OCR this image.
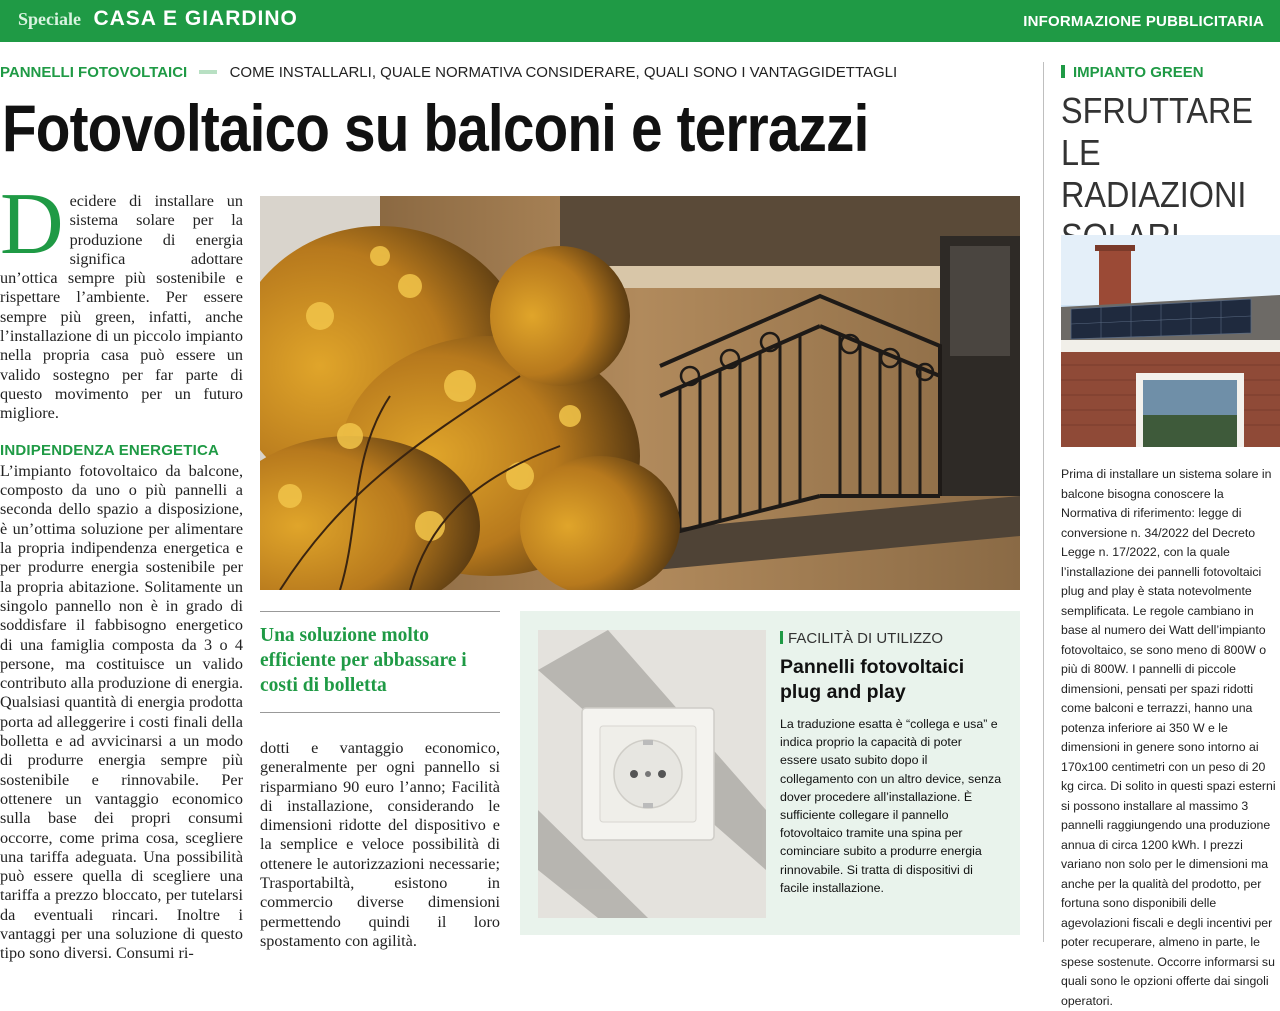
Speciale CASA E GIARDINO	INFORMAZIONE PUBBLICITARIA
PANNELLI FOTOVOLTAICI	COME INSTALLARLI, QUALE NORMATIVA CONSIDERARE, QUALI SONO I VANTAGGIDETTAGLI
Fotovoltaico su balconi e terrazzi

Decidere di installare un sistema solare per la produzione di energia significa adottare un’ottica sempre più sostenibile e rispettare l’ambiente. Per essere sempre più green, infatti, anche l’installazione di un piccolo impianto nella propria casa può essere un valido sostegno per far parte di questo movimento per un futuro migliore.

INDIPENDENZA ENERGETICA

L’impianto fotovoltaico da balcone, composto da uno o più pannelli a seconda dello spazio a disposizione, è un’ottima soluzione per alimentare la propria indipendenza energetica e per produrre energia sostenibile per la propria abitazione. Solitamente un singolo pannello non è in grado di soddisfare il fabbisogno energetico di una famiglia composta da 3 o 4 persone, ma costituisce un valido contributo alla produzione di energia. Qualsiasi quantità di energia prodotta porta ad alleggerire i costi finali della bolletta e ad avvicinarsi a un modo di produrre energia sempre più sostenibile e rinnovabile. Per ottenere un vantaggio economico sulla base dei propri consumi occorre, come prima cosa, scegliere una tariffa adeguata. Una possibilità può essere quella di scegliere una tariffa a prezzo bloccato, per tutelarsi da eventuali rincari. Inoltre i vantaggi per una soluzione di questo tipo sono diversi. Consumi ri-

Una soluzione molto efficiente per abbassare i costi di bolletta

dotti e vantaggio economico, generalmente per ogni pannello si risparmiano 90 euro l’anno; Facilità di installazione, considerando le dimensioni ridotte del dispositivo e la semplice e veloce possibilità di ottenere le autorizzazioni necessarie; Trasportabiltà, esistono in commercio diverse dimensioni permettendo quindi il loro spostamento con agilità.

FACILITÀ DI UTILIZZO
Pannelli fotovoltaici plug and play
La traduzione esatta è “collega e usa” e indica proprio la capacità di poter essere usato subito dopo il collegamento con un altro device, senza dover procedere all’installazione. È sufficiente collegare il pannello fotovoltaico tramite una spina per cominciare subito a produrre energia rinnovabile. Si tratta di dispositivi di facile installazione.
IMPIANTO GREEN
SFRUTTARE LE RADIAZIONI
Prima di installare un sistema solare in balcone bisogna conoscere la Normativa di riferimento: legge di conversione n. 34/2022 del Decreto Legge n. 17/2022, con la quale l’installazione dei pannelli fotovoltaici plug and play è stata notevolmente semplificata. Le regole cambiano in base al numero dei Watt dell’impianto fotovoltaico, se sono meno di 800W o più di 800W. I pannelli di piccole dimensioni, pensati per spazi ridotti come balconi e terrazzi, hanno una potenza inferiore ai 350 W e le dimensioni in genere sono intorno ai 170x100 centimetri con un peso di 20 kg circa. Di solito in questi spazi esterni si possono installare al massimo 3 pannelli raggiungendo una produzione annua di circa 1200 kWh. I prezzi variano non solo per le dimensioni ma anche per la qualità del prodotto, per fortuna sono disponibili delle agevolazioni fiscali e degli incentivi per poter recuperare, almeno in parte, le spese sostenute. Occorre informarsi su quali sono le opzioni offerte dai singoli operatori.
